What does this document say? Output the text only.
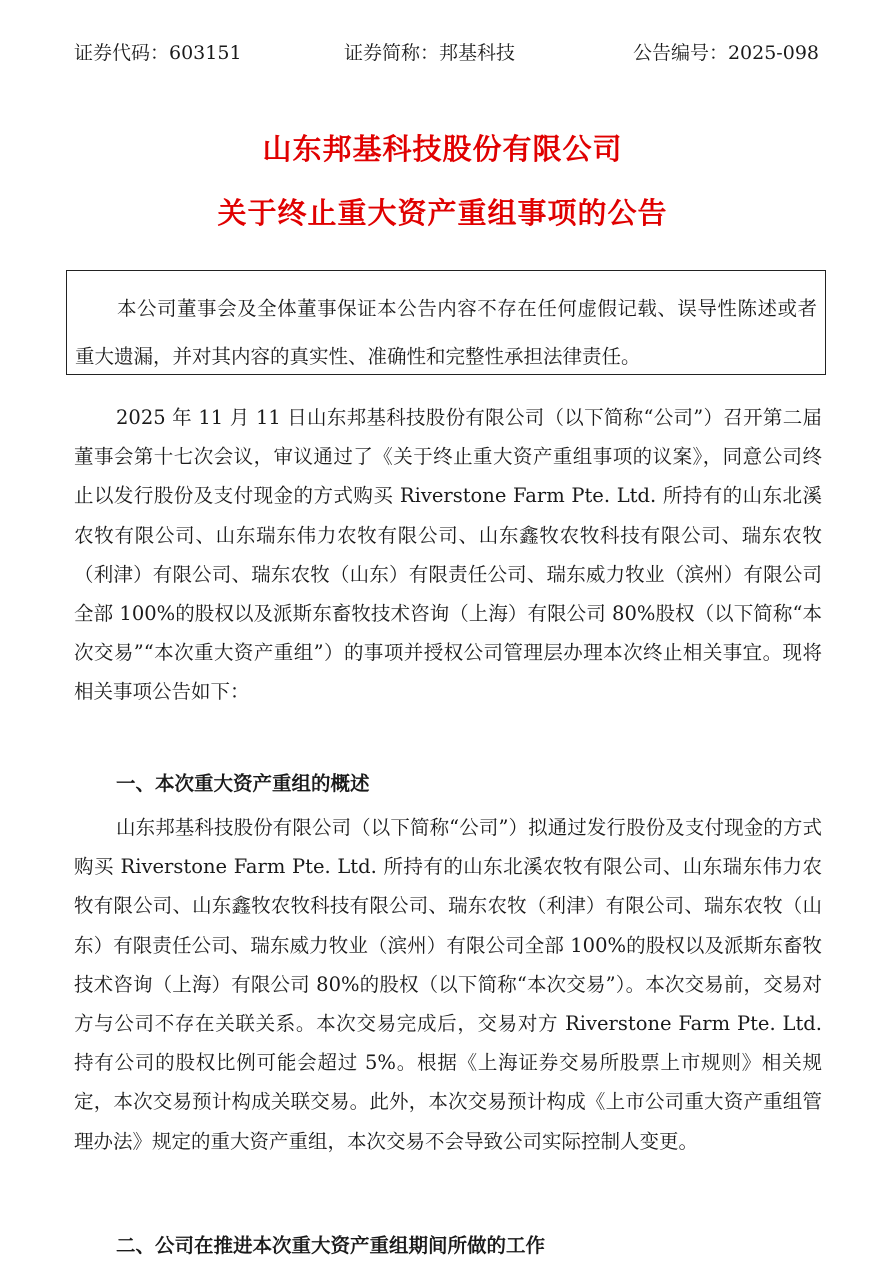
证券代码：603151	证券简称：邦基科技	公告编号：2025-098
山东邦基科技股份有限公司
关于终止重大资产重组事项的公告

本公司董事会及全体董事保证本公告内容不存在任何虚假记载、误导性陈述或者重大遗漏，并对其内容的真实性、准确性和完整性承担法律责任。

2025 年 11 月 11 日山东邦基科技股份有限公司（以下简称“公司”）召开第二届董事会第十七次会议，审议通过了《关于终止重大资产重组事项的议案》，同意公司终止以发行股份及支付现金的方式购买 Riverstone Farm Pte. Ltd. 所持有的山东北溪农牧有限公司、山东瑞东伟力农牧有限公司、山东鑫牧农牧科技有限公司、瑞东农牧（利津）有限公司、瑞东农牧（山东）有限责任公司、瑞东威力牧业（滨州）有限公司全部 100%的股权以及派斯东畜牧技术咨询（上海）有限公司 80%股权（以下简称“本次交易”“本次重大资产重组”）的事项并授权公司管理层办理本次终止相关事宜。现将相关事项公告如下：

一、本次重大资产重组的概述

山东邦基科技股份有限公司（以下简称“公司”）拟通过发行股份及支付现金的方式购买 Riverstone Farm Pte. Ltd. 所持有的山东北溪农牧有限公司、山东瑞东伟力农牧有限公司、山东鑫牧农牧科技有限公司、瑞东农牧（利津）有限公司、瑞东农牧（山东）有限责任公司、瑞东威力牧业（滨州）有限公司全部 100%的股权以及派斯东畜牧技术咨询（上海）有限公司 80%的股权（以下简称“本次交易”）。本次交易前，交易对方与公司不存在关联关系。本次交易完成后，交易对方 Riverstone Farm Pte. Ltd. 持有公司的股权比例可能会超过 5%。根据《上海证券交易所股票上市规则》相关规定，本次交易预计构成关联交易。此外，本次交易预计构成《上市公司重大资产重组管理办法》规定的重大资产重组，本次交易不会导致公司实际控制人变更。

二、公司在推进本次重大资产重组期间所做的工作
